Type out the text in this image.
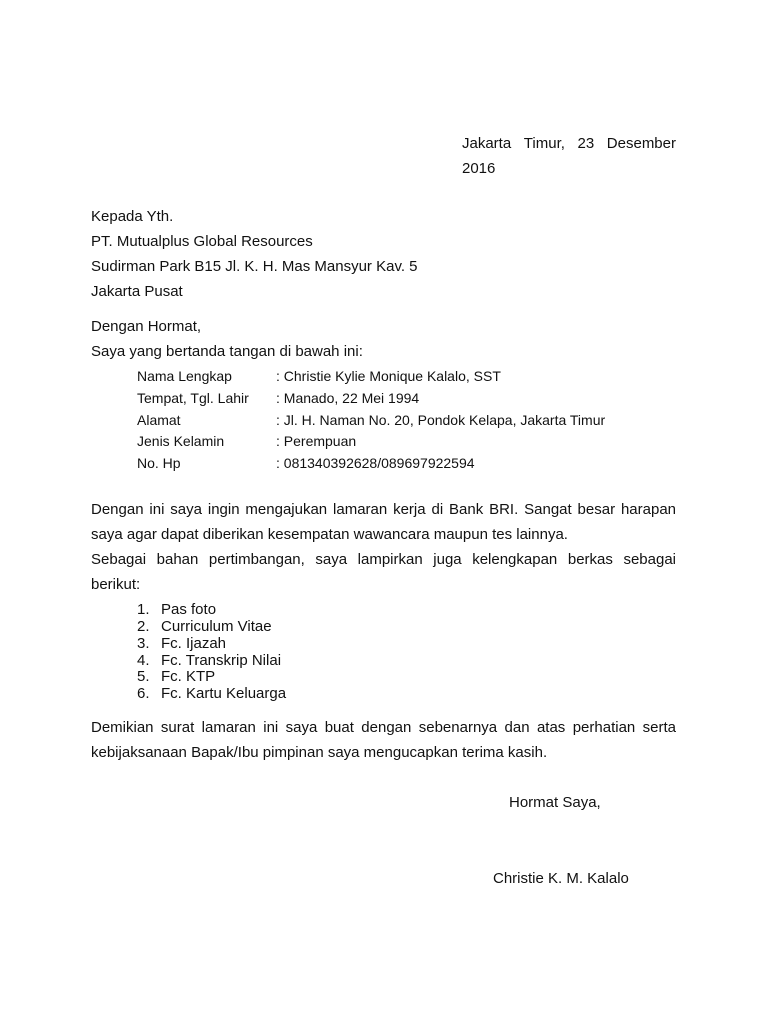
Jakarta Timur, 23 Desember
2016
Kepada Yth.
PT. Mutualplus Global Resources
Sudirman Park B15 Jl. K. H. Mas Mansyur Kav. 5
Jakarta Pusat
Dengan Hormat,
Saya yang bertanda tangan di bawah ini:
Nama Lengkap	: Christie Kylie Monique Kalalo, SST
Tempat, Tgl. Lahir : Manado, 22 Mei 1994
Alamat	: Jl. H. Naman No. 20, Pondok Kelapa, Jakarta Timur
Jenis Kelamin	: Perempuan
No. Hp	: 081340392628/089697922594
Dengan ini saya ingin mengajukan lamaran kerja di Bank BRI. Sangat besar harapan
saya agar dapat diberikan kesempatan wawancara maupun tes lainnya.
Sebagai bahan pertimbangan, saya lampirkan juga kelengkapan berkas sebagai
berikut:
1. Pas foto
2. Curriculum Vitae
3. Fc. Ijazah
4. Fc. Transkrip Nilai
5. Fc. KTP
6. Fc. Kartu Keluarga
Demikian surat lamaran ini saya buat dengan sebenarnya dan atas perhatian serta
kebijaksanaan Bapak/Ibu pimpinan saya mengucapkan terima kasih.
Hormat Saya,
Christie K. M. Kalalo
